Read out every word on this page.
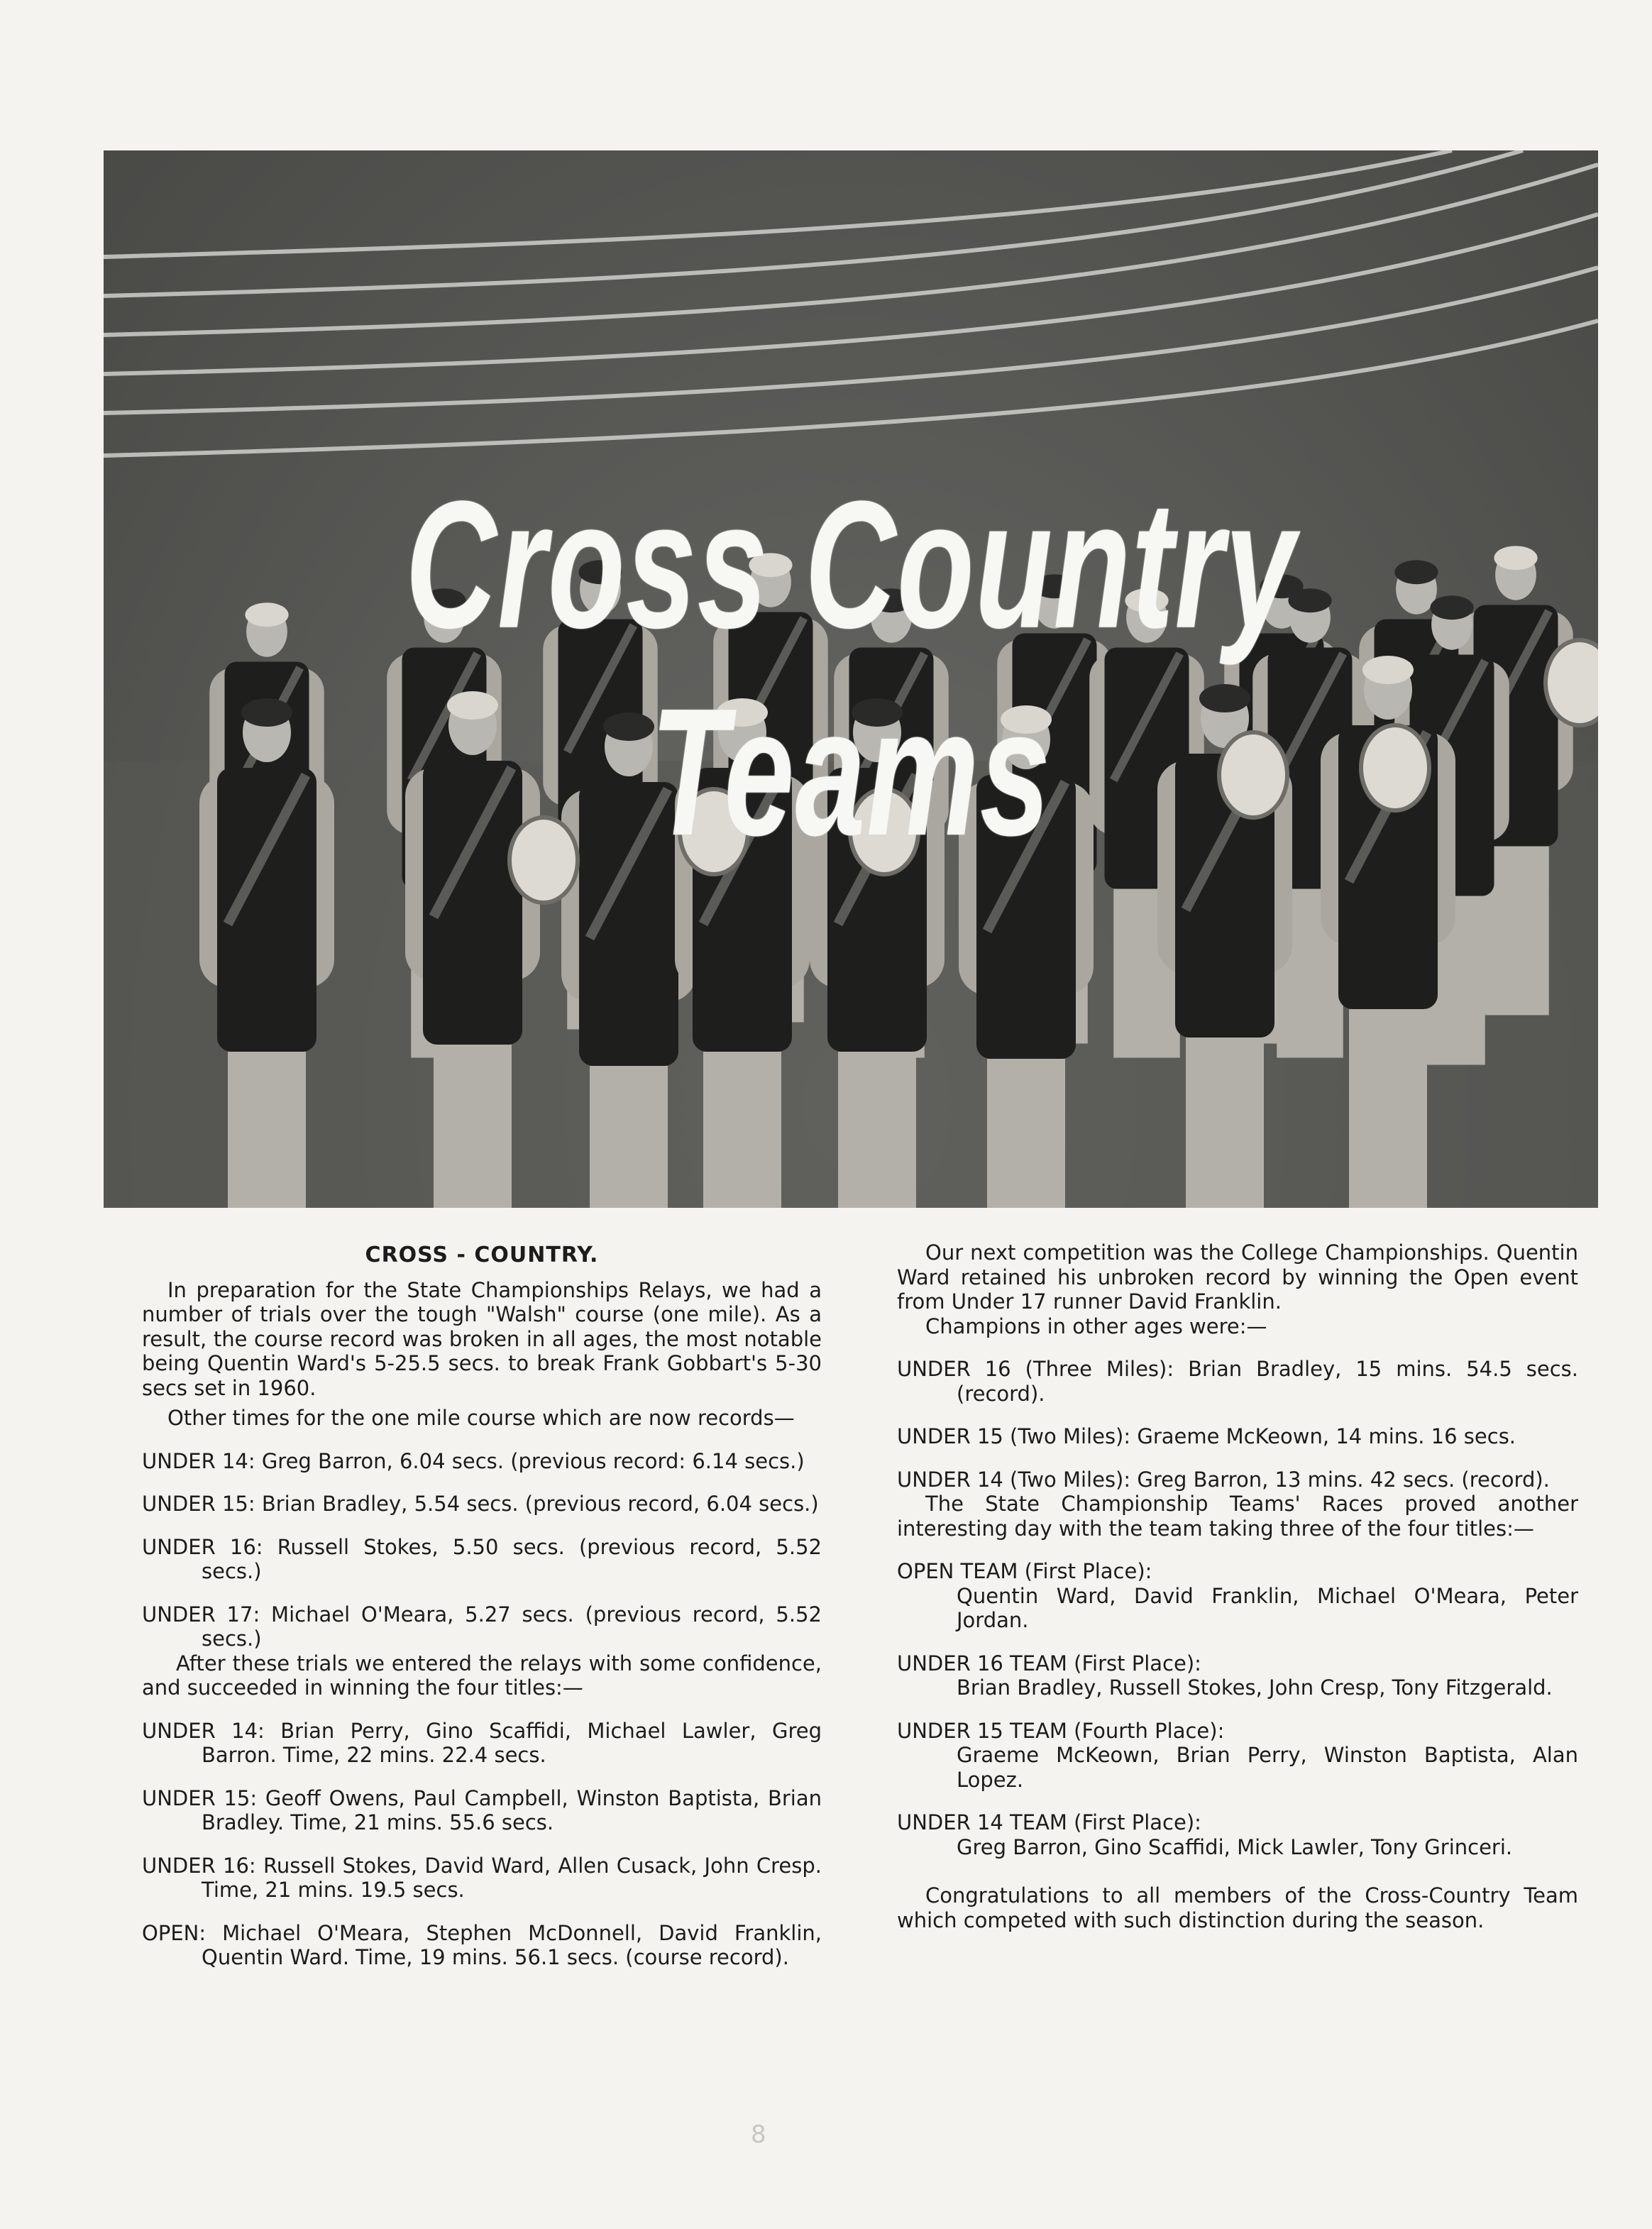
Cross Country Teams
CROSS - COUNTRY.

In preparation for the State Championships Relays, we had a number of trials over the tough "Walsh" course (one mile). As a result, the course record was broken in all ages, the most notable being Quentin Ward's 5-25.5 secs. to break Frank Gobbart's 5-30 secs set in 1960.

Other times for the one mile course which are now records—

UNDER 14: Greg Barron, 6.04 secs. (previous record: 6.14 secs.)

UNDER 15: Brian Bradley, 5.54 secs. (previous record, 6.04 secs.)

UNDER 16: Russell Stokes, 5.50 secs. (previous record, 5.52 secs.)

UNDER 17: Michael O'Meara, 5.27 secs. (previous record, 5.52 secs.)

After these trials we entered the relays with some confidence, and succeeded in winning the four titles:—

UNDER 14: Brian Perry, Gino Scaffidi, Michael Lawler, Greg Barron. Time, 22 mins. 22.4 secs.

UNDER 15: Geoff Owens, Paul Campbell, Winston Baptista, Brian Bradley. Time, 21 mins. 55.6 secs.

UNDER 16: Russell Stokes, David Ward, Allen Cusack, John Cresp. Time, 21 mins. 19.5 secs.

OPEN: Michael O'Meara, Stephen McDonnell, David Franklin, Quentin Ward. Time, 19 mins. 56.1 secs. (course record).

Our next competition was the College Championships. Quentin Ward retained his unbroken record by winning the Open event from Under 17 runner David Franklin.

Champions in other ages were:—

UNDER 16 (Three Miles): Brian Bradley, 15 mins. 54.5 secs. (record).

UNDER 15 (Two Miles): Graeme McKeown, 14 mins. 16 secs.

UNDER 14 (Two Miles): Greg Barron, 13 mins. 42 secs. (record).

The State Championship Teams' Races proved another interesting day with the team taking three of the four titles:—

OPEN TEAM (First Place):

Quentin Ward, David Franklin, Michael O'Meara, Peter Jordan.

UNDER 16 TEAM (First Place):

Brian Bradley, Russell Stokes, John Cresp, Tony Fitzgerald.

UNDER 15 TEAM (Fourth Place):

Graeme McKeown, Brian Perry, Winston Baptista, Alan Lopez.

UNDER 14 TEAM (First Place):

Greg Barron, Gino Scaffidi, Mick Lawler, Tony Grinceri.

Congratulations to all members of the Cross-Country Team which competed with such distinction during the season.

8
